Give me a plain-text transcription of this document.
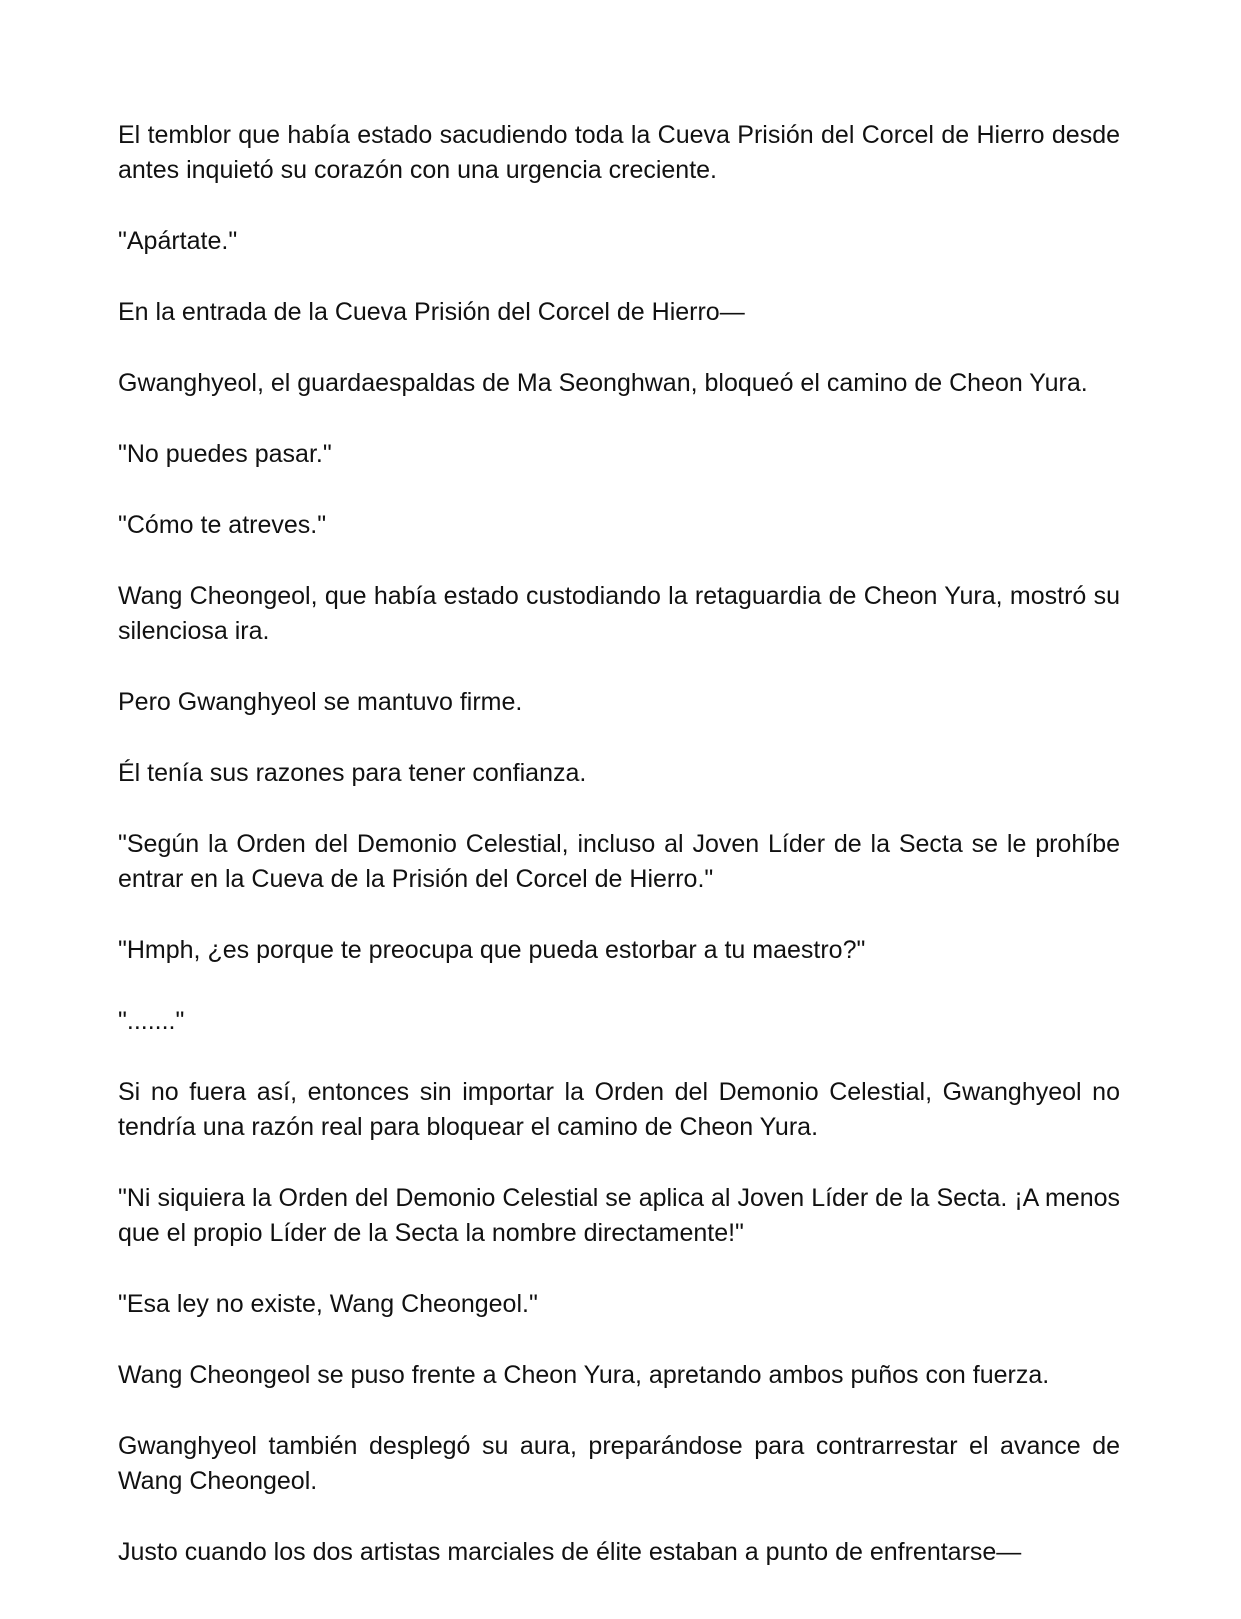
El temblor que había estado sacudiendo toda la Cueva Prisión del Corcel de Hierro desde antes inquietó su corazón con una urgencia creciente.

"Apártate."

En la entrada de la Cueva Prisión del Corcel de Hierro—

Gwanghyeol, el guardaespaldas de Ma Seonghwan, bloqueó el camino de Cheon Yura.

"No puedes pasar."

"Cómo te atreves."

Wang Cheongeol, que había estado custodiando la retaguardia de Cheon Yura, mostró su silenciosa ira.

Pero Gwanghyeol se mantuvo firme.

Él tenía sus razones para tener confianza.

"Según la Orden del Demonio Celestial, incluso al Joven Líder de la Secta se le prohíbe entrar en la Cueva de la Prisión del Corcel de Hierro."

"Hmph, ¿es porque te preocupa que pueda estorbar a tu maestro?"

"......."

Si no fuera así, entonces sin importar la Orden del Demonio Celestial, Gwanghyeol no tendría una razón real para bloquear el camino de Cheon Yura.

"Ni siquiera la Orden del Demonio Celestial se aplica al Joven Líder de la Secta. ¡A menos que el propio Líder de la Secta la nombre directamente!"

"Esa ley no existe, Wang Cheongeol."

Wang Cheongeol se puso frente a Cheon Yura, apretando ambos puños con fuerza.

Gwanghyeol también desplegó su aura, preparándose para contrarrestar el avance de Wang Cheongeol.

Justo cuando los dos artistas marciales de élite estaban a punto de enfrentarse—
